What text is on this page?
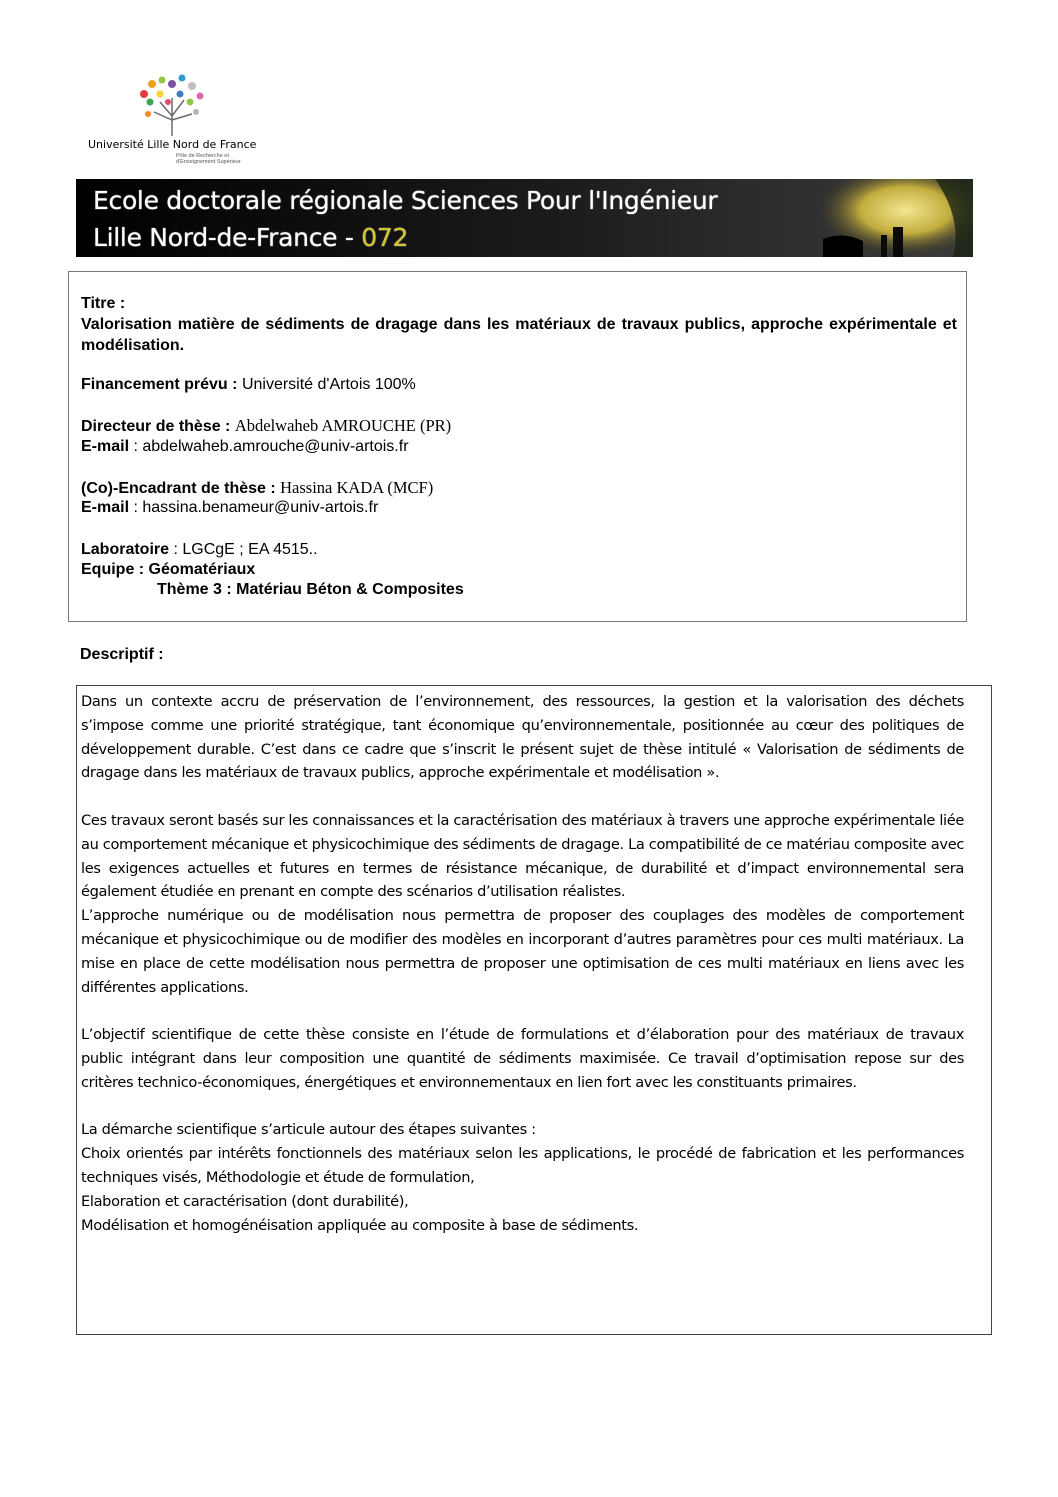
Université Lille Nord de France
Pôle de Recherche et d'Enseignement Supérieur
Ecole doctorale régionale Sciences Pour l'Ingénieur
Lille Nord-de-France - 072
Titre :
Valorisation matière de sédiments de dragage dans les matériaux de travaux publics, approche expérimentale et modélisation.
Financement prévu : Université d'Artois 100%
Directeur de thèse : Abdelwaheb AMROUCHE (PR)
E-mail : abdelwaheb.amrouche@univ-artois.fr
(Co)-Encadrant de thèse : Hassina KADA (MCF)
E-mail : hassina.benameur@univ-artois.fr
Laboratoire : LGCgE ; EA 4515..
Equipe : Géomatériaux
Thème 3 : Matériau Béton & Composites
Descriptif :

Dans un contexte accru de préservation de l’environnement, des ressources, la gestion et la valorisation des déchets s’impose comme une priorité stratégique, tant économique qu’environnementale, positionnée au cœur des politiques de développement durable. C’est dans ce cadre que s’inscrit le présent sujet de thèse intitulé « Valorisation de sédiments de dragage dans les matériaux de travaux publics, approche expérimentale et modélisation ».

Ces travaux seront basés sur les connaissances et la caractérisation des matériaux à travers une approche expérimentale liée au comportement mécanique et physicochimique des sédiments de dragage. La compatibilité de ce matériau composite avec les exigences actuelles et futures en termes de résistance mécanique, de durabilité et d’impact environnemental sera également étudiée en prenant en compte des scénarios d’utilisation réalistes.

L’approche numérique ou de modélisation nous permettra de proposer des couplages des modèles de comportement mécanique et physicochimique ou de modifier des modèles en incorporant d’autres paramètres pour ces multi matériaux. La mise en place de cette modélisation nous permettra de proposer une optimisation de ces multi matériaux en liens avec les différentes applications.

L’objectif scientifique de cette thèse consiste en l’étude de formulations et d’élaboration pour des matériaux de travaux public intégrant dans leur composition une quantité de sédiments maximisée. Ce travail d’optimisation repose sur des critères technico-économiques, énergétiques et environnementaux en lien fort avec les constituants primaires.

La démarche scientifique s’articule autour des étapes suivantes :

Choix orientés par intérêts fonctionnels des matériaux selon les applications, le procédé de fabrication et les performances techniques visés, Méthodologie et étude de formulation,

Elaboration et caractérisation (dont durabilité),

Modélisation et homogénéisation appliquée au composite à base de sédiments.
